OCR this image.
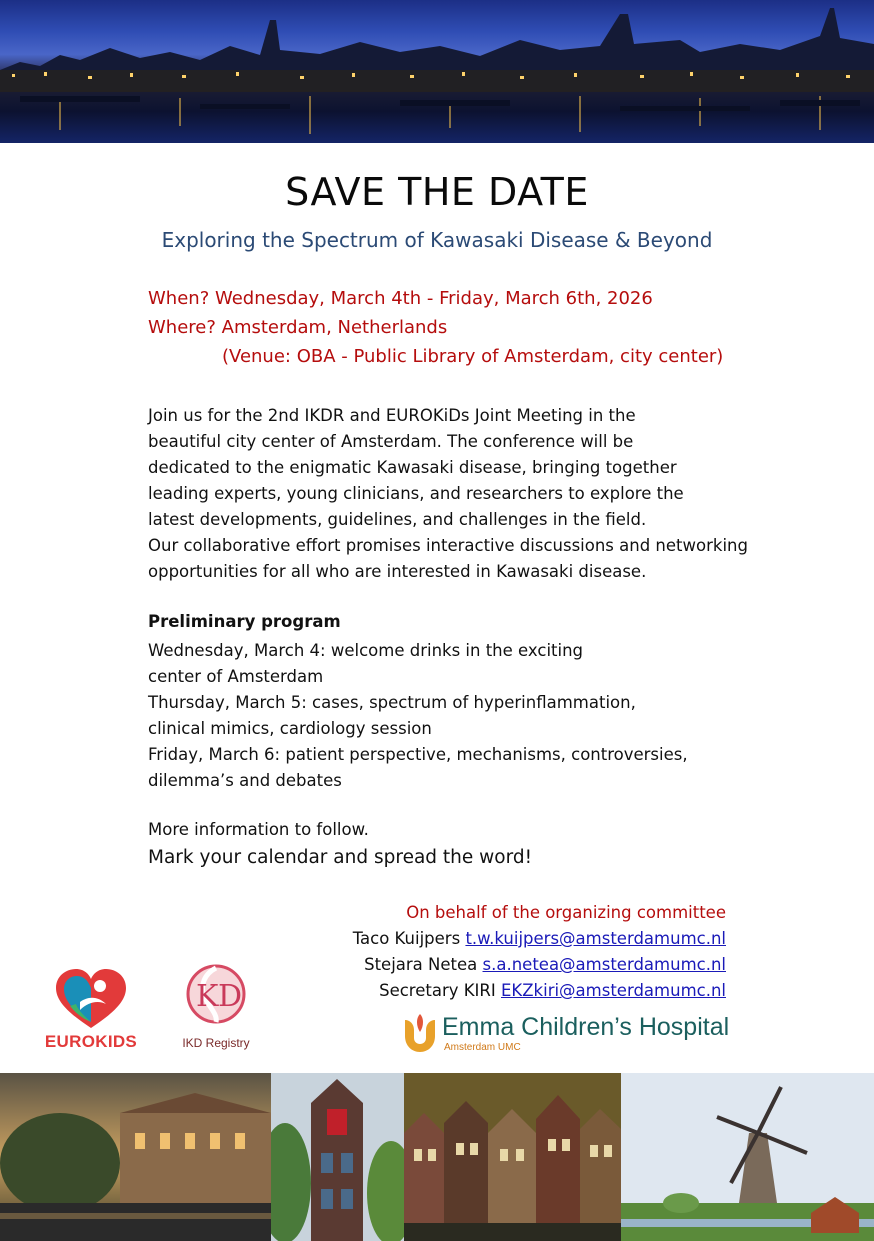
SAVE THE DATE
Exploring the Spectrum of Kawasaki Disease & Beyond
When? Wednesday, March 4th - Friday, March 6th, 2026
Where? Amsterdam, Netherlands
(Venue: OBA - Public Library of Amsterdam, city center)
Join us for the 2nd IKDR and EUROKiDs Joint Meeting in the
beautiful city center of Amsterdam. The conference will be
dedicated to the enigmatic Kawasaki disease, bringing together
leading experts, young clinicians, and researchers to explore the
latest developments, guidelines, and challenges in the field.
Our collaborative effort promises interactive discussions and networking
opportunities for all who are interested in Kawasaki disease.
Preliminary program
Wednesday, March 4: welcome drinks in the exciting
center of Amsterdam
Thursday, March 5: cases, spectrum of hyperinflammation,
clinical mimics, cardiology session
Friday, March 6: patient perspective, mechanisms, controversies,
dilemma’s and debates
More information to follow.
Mark your calendar and spread the word!
On behalf of the organizing committee
Taco Kuijpers t.w.kuijpers@amsterdamumc.nl
Stejara Netea s.a.netea@amsterdamumc.nl
Secretary KIRI EKZkiri@amsterdamumc.nl
EUROKIDS
K D
IKD Registry
Emma Children’s Hospital
Amsterdam UMC
